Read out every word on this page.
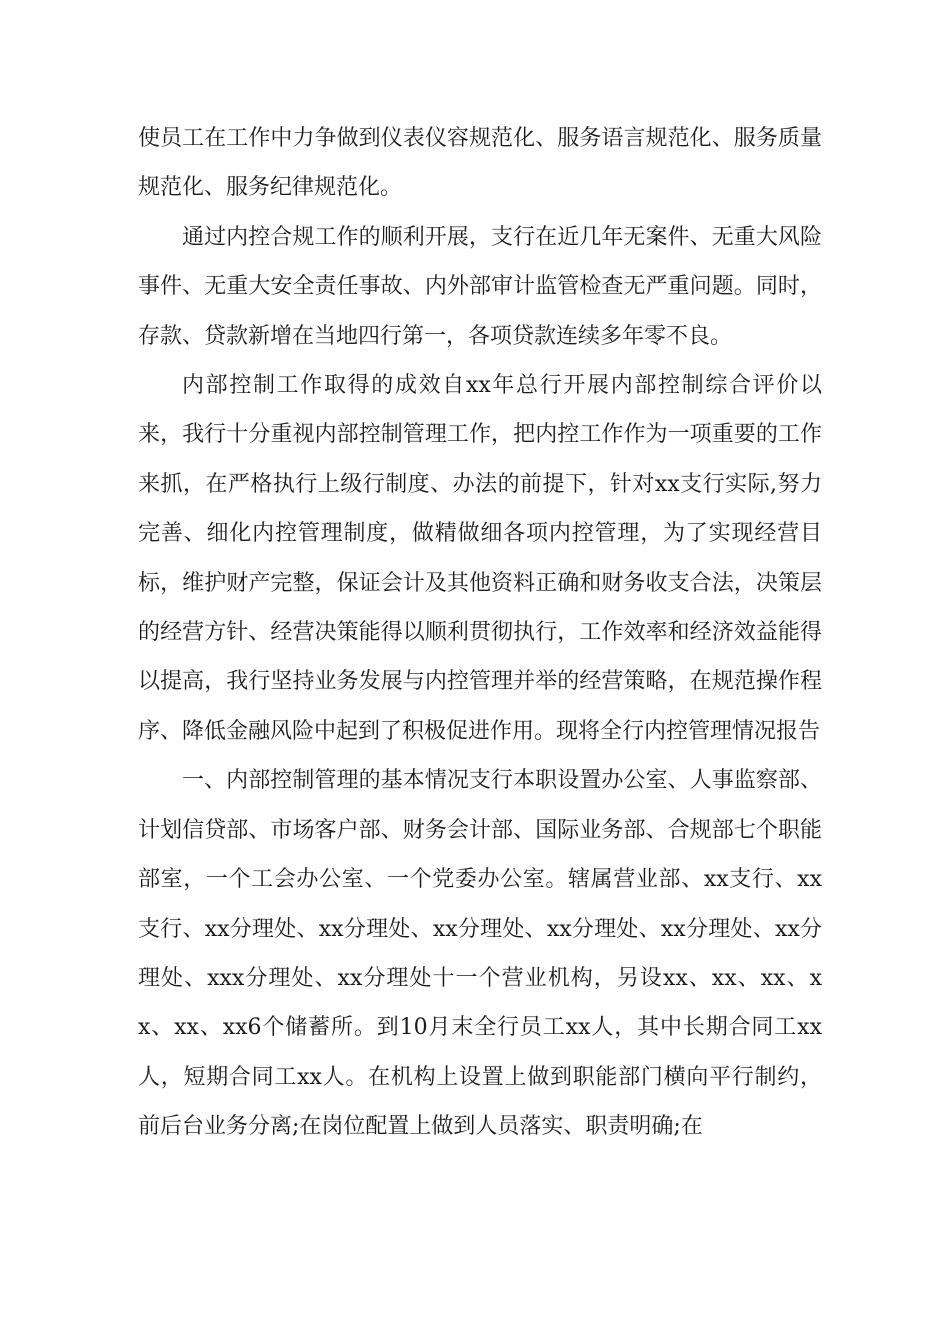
使员工在工作中力争做到仪表仪容规范化、服务语言规范化、服务质量规范化、服务纪律规范化。

通过内控合规工作的顺利开展，支行在近几年无案件、无重大风险事件、无重大安全责任事故、内外部审计监管检查无严重问题。同时，存款、贷款新增在当地四行第一，各项贷款连续多年零不良。

内部控制工作取得的成效自xx年总行开展内部控制综合评价以来，我行十分重视内部控制管理工作，把内控工作作为一项重要的工作来抓，在严格执行上级行制度、办法的前提下，针对xx支行实际,努力完善、细化内控管理制度，做精做细各项内控管理，为了实现经营目标，维护财产完整，保证会计及其他资料正确和财务收支合法，决策层的经营方针、经营决策能得以顺利贯彻执行，工作效率和经济效益能得以提高，我行坚持业务发展与内控管理并举的经营策略，在规范操作程序、降低金融风险中起到了积极促进作用。现将全行内控管理情况报告

一、内部控制管理的基本情况支行本职设置办公室、人事监察部、计划信贷部、市场客户部、财务会计部、国际业务部、合规部七个职能部室，一个工会办公室、一个党委办公室。辖属营业部、xx支行、xx支行、xx分理处、xx分理处、xx分理处、xx分理处、xx分理处、xx分理处、xxx分理处、xx分理处十一个营业机构，另设xx、xx、xx、xx、xx、xx6个储蓄所。到10月末全行员工xx人，其中长期合同工xx人，短期合同工xx人。在机构上设置上做到职能部门横向平行制约，前后台业务分离;在岗位配置上做到人员落实、职责明确;在
